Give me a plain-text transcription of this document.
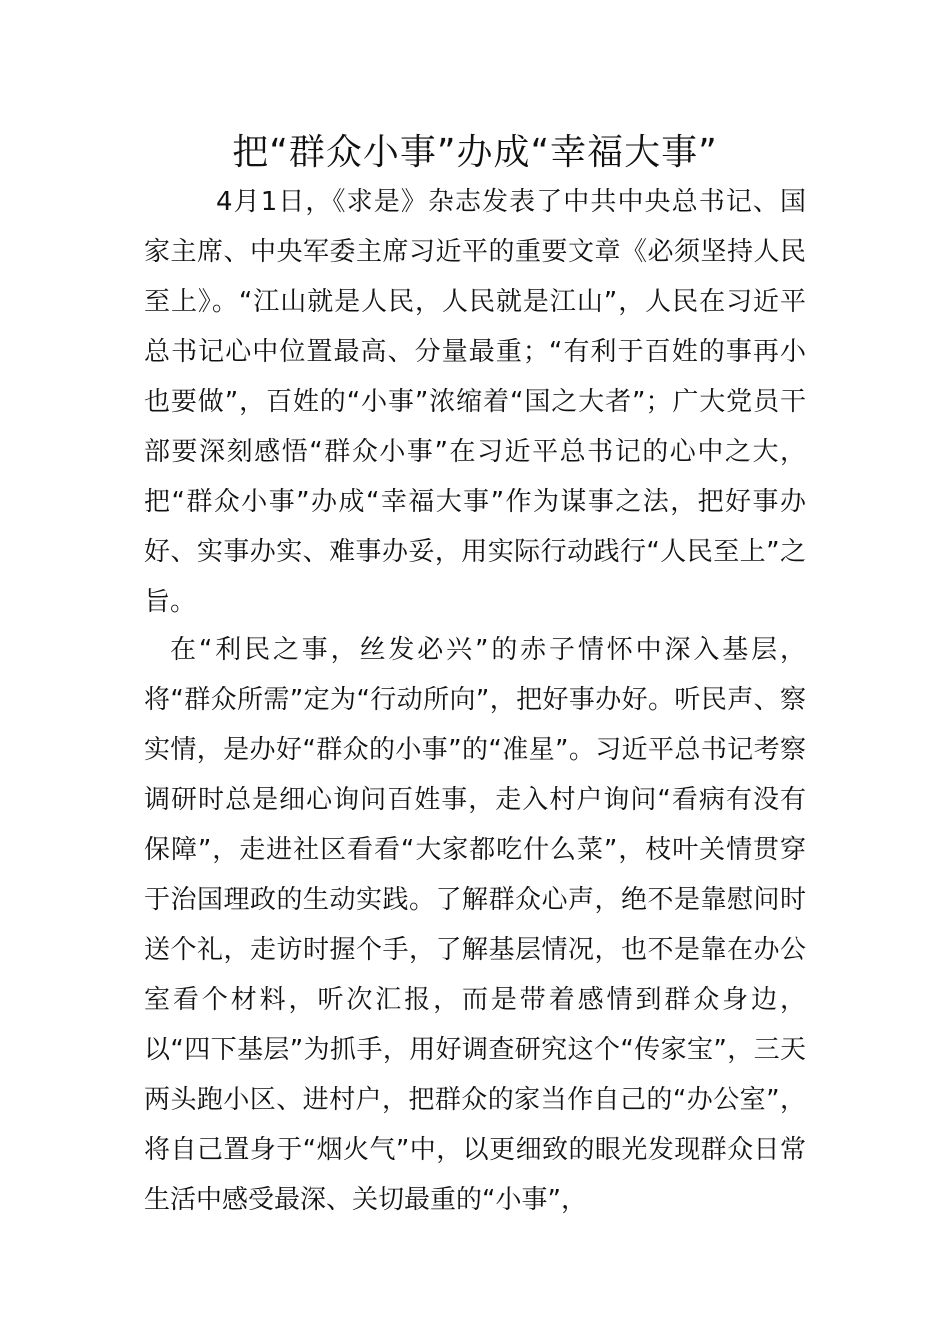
把“群众小事”办成“幸福大事”

4月1日，《求是》杂志发表了中共中央总书记、国家主席、中央军委主席习近平的重要文章《必须坚持人民至上》。“江山就是人民，人民就是江山”，人民在习近平总书记心中位置最高、分量最重；“有利于百姓的事再小也要做”，百姓的“小事”浓缩着“国之大者”；广大党员干部要深刻感悟“群众小事”在习近平总书记的心中之大，把“群众小事”办成“幸福大事”作为谋事之法，把好事办好、实事办实、难事办妥，用实际行动践行“人民至上”之旨。

在“利民之事，丝发必兴”的赤子情怀中深入基层，将“群众所需”定为“行动所向”，把好事办好。听民声、察实情，是办好“群众的小事”的“准星”。习近平总书记考察调研时总是细心询问百姓事，走入村户询问“看病有没有保障”，走进社区看看“大家都吃什么菜”，枝叶关情贯穿于治国理政的生动实践。了解群众心声，绝不是靠慰问时送个礼，走访时握个手，了解基层情况，也不是靠在办公室看个材料，听次汇报，而是带着感情到群众身边，以“四下基层”为抓手，用好调查研究这个“传家宝”，三天两头跑小区、进村户，把群众的家当作自己的“办公室”，将自己置身于“烟火气”中，以更细致的眼光发现群众日常生活中感受最深、关切最重的“小事”，
